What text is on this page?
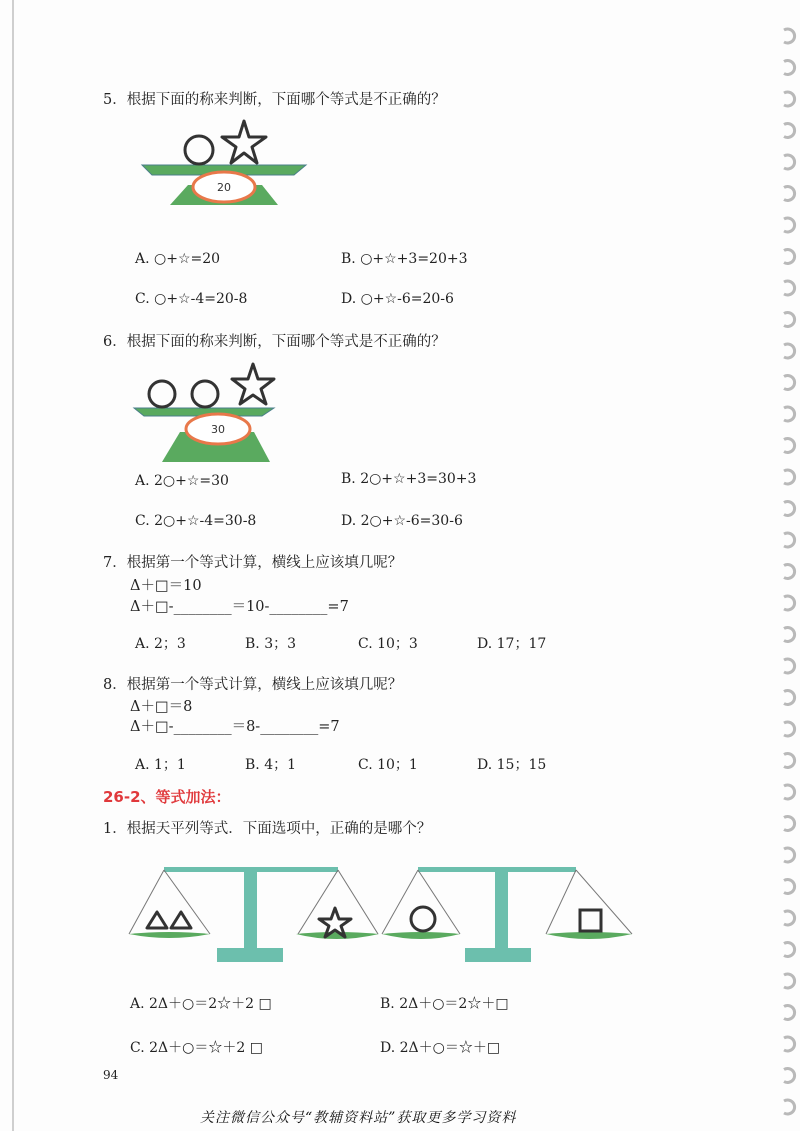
5．根据下面的称来判断，下面哪个等式是不正确的？
20
A. ○+☆=20	B. ○+☆+3=20+3
C. ○+☆-4=20-8	D. ○+☆-6=20-6
6．根据下面的称来判断，下面哪个等式是不正确的？
30
A. 2○+☆=30	B. 2○+☆+3=30+3
C. 2○+☆-4=30-8	D. 2○+☆-6=30-6
7．根据第一个等式计算，横线上应该填几呢？
Δ＋□＝10
Δ＋□-________＝10-________=7
A. 2；3	B. 3；3	C. 10；3	D. 17；17
8．根据第一个等式计算，横线上应该填几呢？
Δ＋□＝8
Δ＋□-________＝8-________=7
A. 1；1	B. 4；1	C. 10；1	D. 15；15
26-2、等式加法：
1．根据天平列等式．下面选项中，正确的是哪个？
A. 2Δ＋○＝2☆＋2 □	B. 2Δ＋○＝2☆＋□
C. 2Δ＋○＝☆＋2 □	D. 2Δ＋○＝☆＋□
94
关注微信公众号“教辅资料站”获取更多学习资料
